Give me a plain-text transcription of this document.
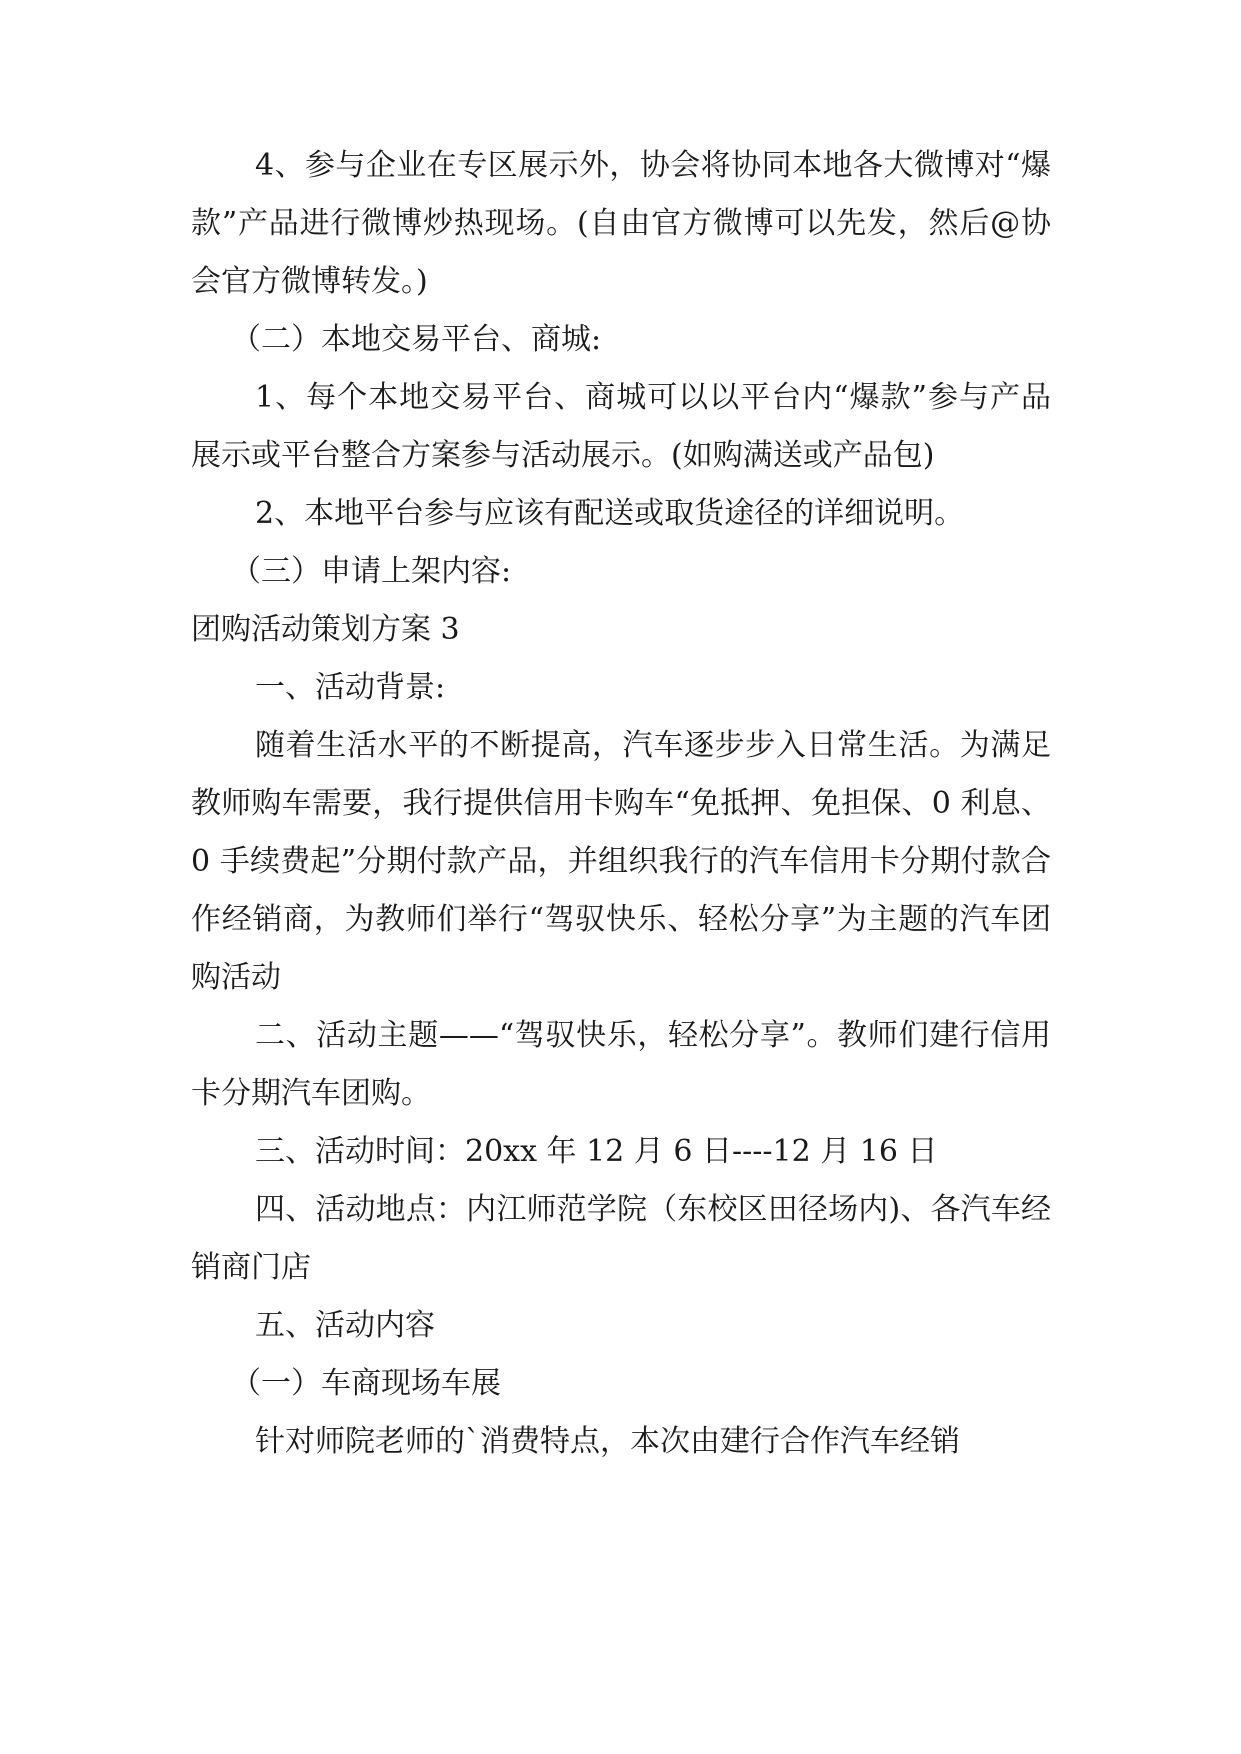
4、参与企业在专区展示外，协会将协同本地各大微博对“爆款”产品进行微博炒热现场。(自由官方微博可以先发，然后@协会官方微博转发。)

（二）本地交易平台、商城:

1、每个本地交易平台、商城可以以平台内“爆款”参与产品展示或平台整合方案参与活动展示。(如购满送或产品包)

2、本地平台参与应该有配送或取货途径的详细说明。

（三）申请上架内容:

团购活动策划方案 3

一、活动背景:

随着生活水平的不断提高，汽车逐步步入日常生活。为满足教师购车需要，我行提供信用卡购车“免抵押、免担保、0 利息、0 手续费起”分期付款产品，并组织我行的汽车信用卡分期付款合作经销商，为教师们举行“驾驭快乐、轻松分享”为主题的汽车团购活动

二、活动主题——“驾驭快乐，轻松分享”。教师们建行信用卡分期汽车团购。

三、活动时间：20xx 年 12 月 6 日----12 月 16 日

四、活动地点：内江师范学院（东校区田径场内)、各汽车经销商门店

五、活动内容

（一）车商现场车展

针对师院老师的`消费特点，本次由建行合作汽车经销
